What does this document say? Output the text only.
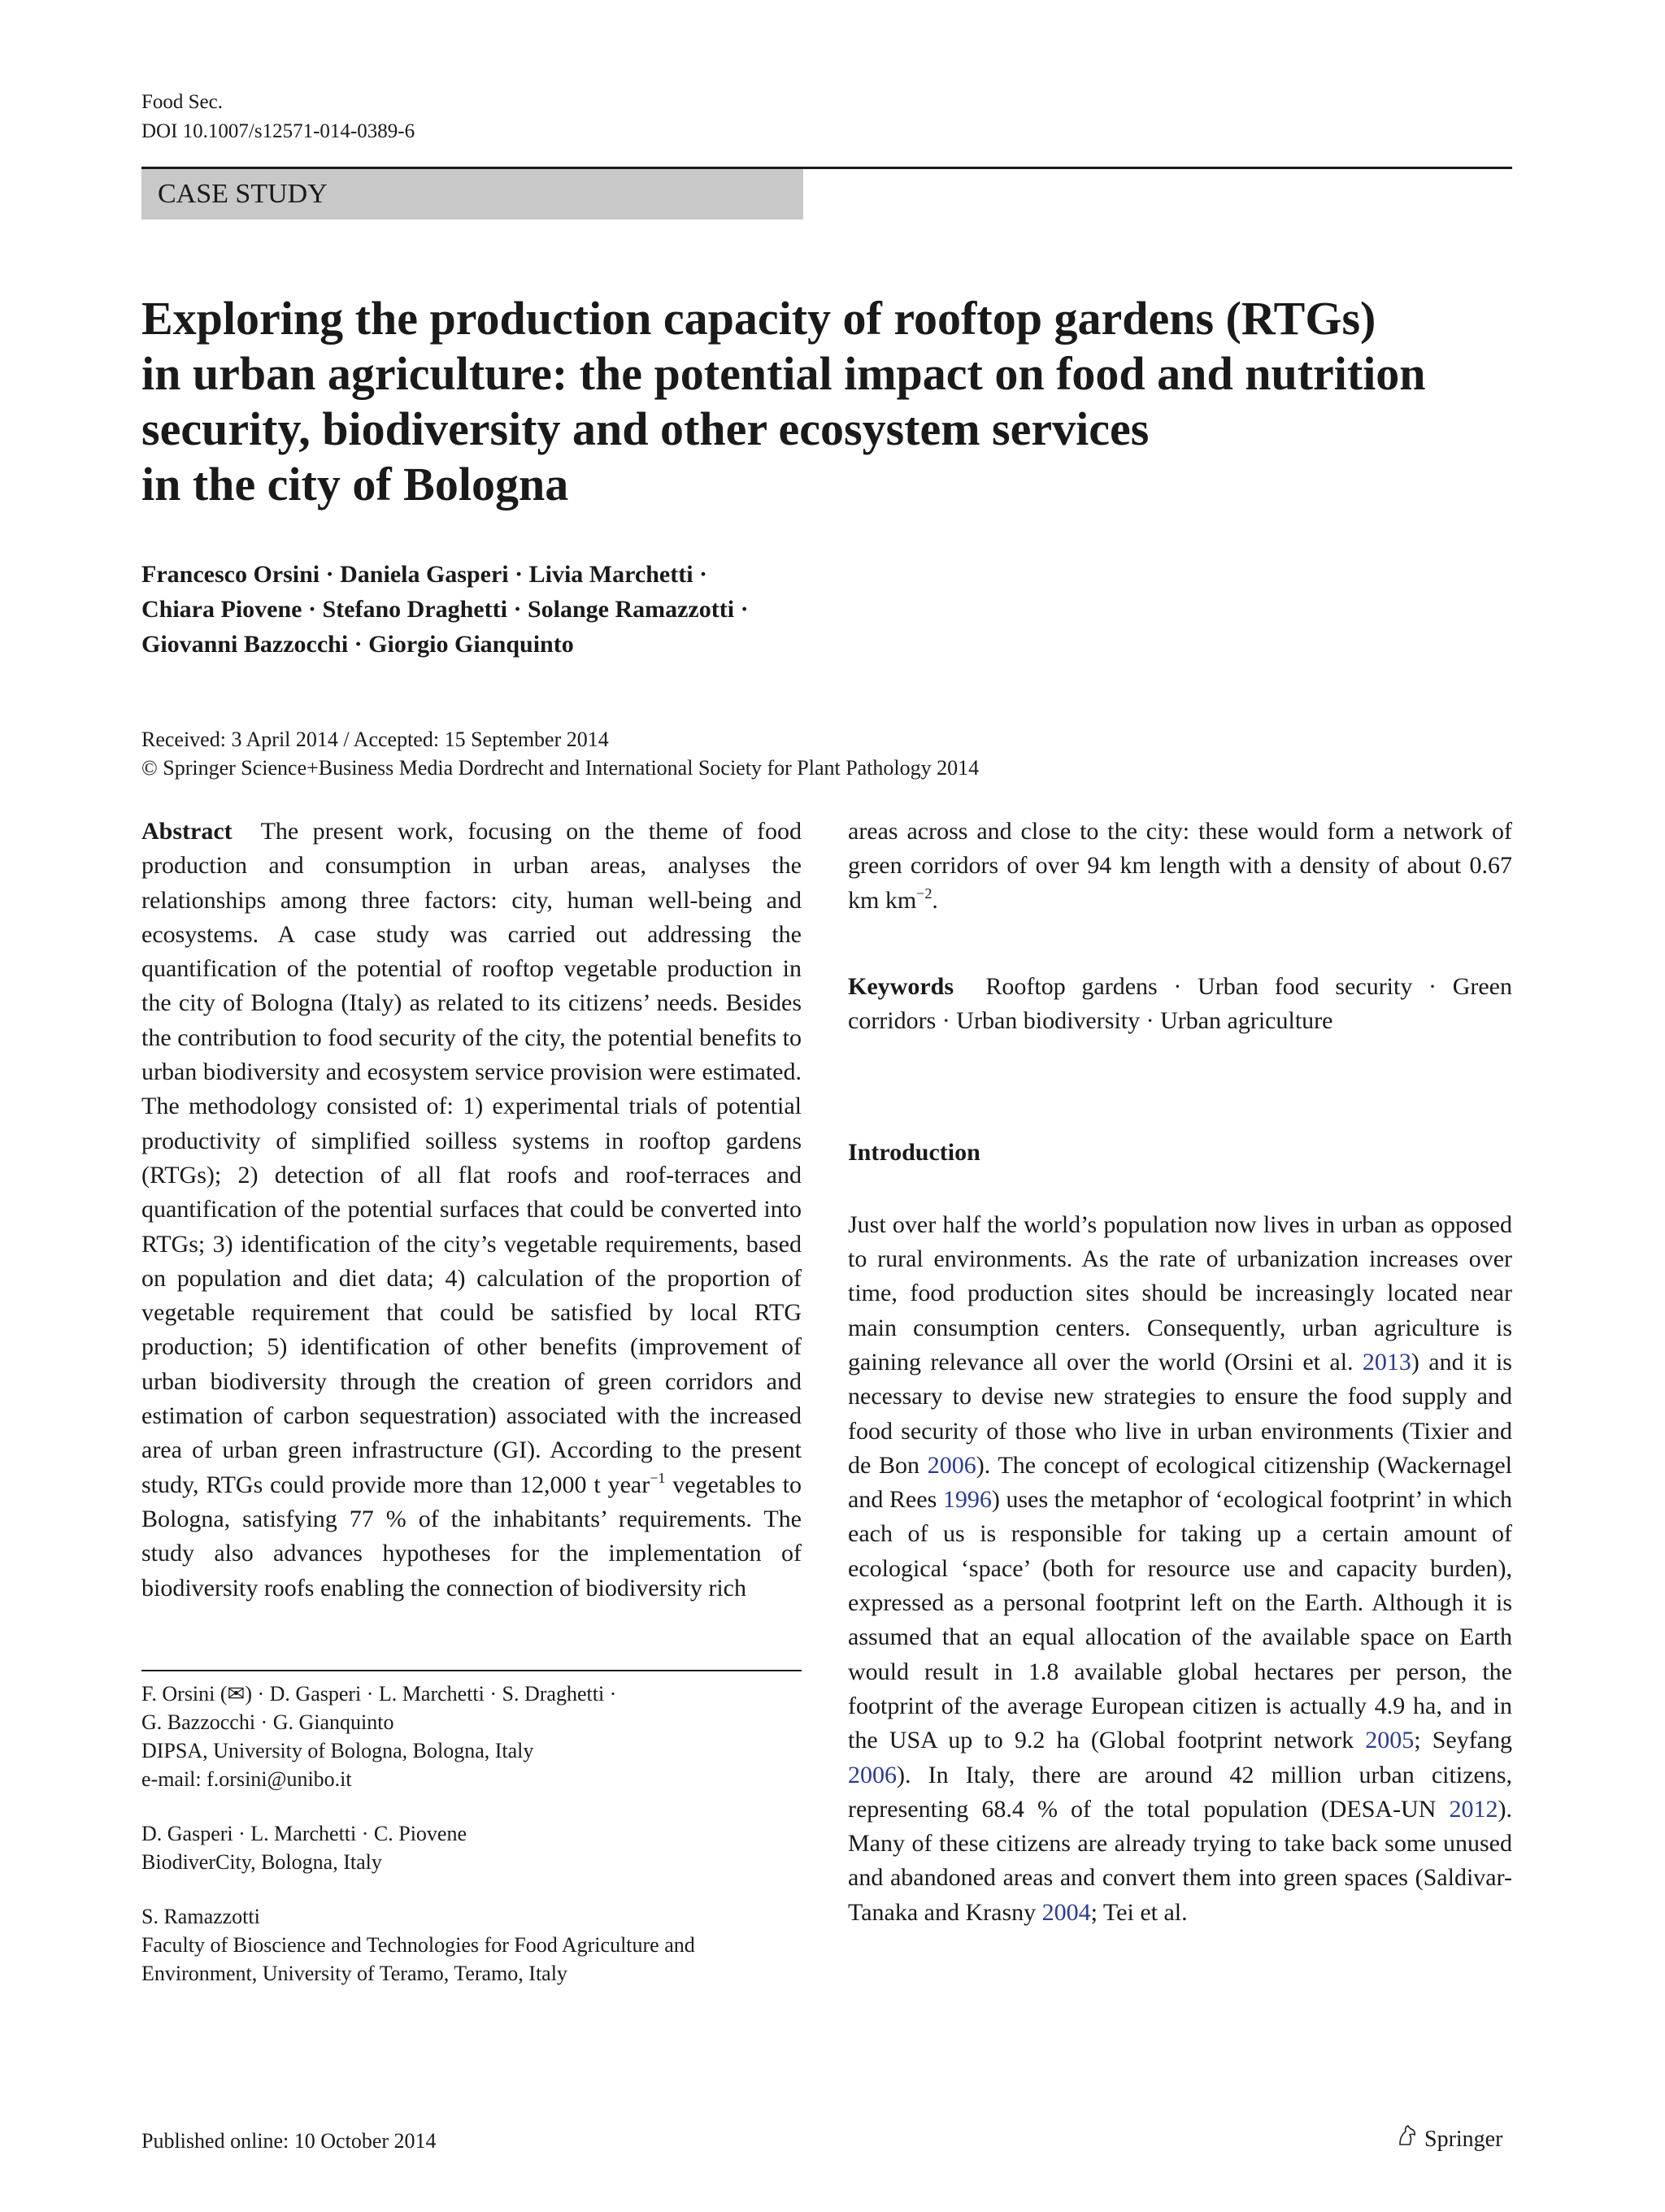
Food Sec.
DOI 10.1007/s12571-014-0389-6
CASE STUDY
Exploring the production capacity of rooftop gardens (RTGs)
in urban agriculture: the potential impact on food and nutrition
security, biodiversity and other ecosystem services
in the city of Bologna
Francesco Orsini · Daniela Gasperi · Livia Marchetti ·
Chiara Piovene · Stefano Draghetti · Solange Ramazzotti ·
Giovanni Bazzocchi · Giorgio Gianquinto
Received: 3 April 2014 / Accepted: 15 September 2014
© Springer Science+Business Media Dordrecht and International Society for Plant Pathology 2014

Abstract The present work, focusing on the theme of food production and consumption in urban areas, analyses the relationships among three factors: city, human well-being and ecosystems. A case study was carried out addressing the quantification of the potential of rooftop vegetable production in the city of Bologna (Italy) as related to its citizens’ needs. Besides the contribution to food security of the city, the potential benefits to urban biodiversity and ecosystem service provision were estimated. The methodology consisted of: 1) experimental trials of potential productivity of simplified soilless systems in rooftop gardens (RTGs); 2) detection of all flat roofs and roof-terraces and quantification of the potential surfaces that could be converted into RTGs; 3) identification of the city’s vegetable requirements, based on population and diet data; 4) calculation of the proportion of vegetable requirement that could be satisfied by local RTG production; 5) identification of other benefits (improvement of urban biodiversity through the creation of green corridors and estimation of carbon sequestration) associated with the increased area of urban green infrastructure (GI). According to the present study, RTGs could provide more than 12,000 t year$^{-1}$ vegetables to Bologna, satisfying 77 % of the inhabitants’ requirements. The study also advances hypotheses for the implementation of biodiversity roofs enabling the connection of biodiversity rich

areas across and close to the city: these would form a network of green corridors of over 94 km length with a density of about 0.67 km $km^{-2}$.

Keywords Rooftop gardens · Urban food security · Green corridors · Urban biodiversity · Urban agriculture

Introduction

Just over half the world’s population now lives in urban as opposed to rural environments. As the rate of urbanization increases over time, food production sites should be increasingly located near main consumption centers. Consequently, urban agriculture is gaining relevance all over the world (Orsini et al. 2013) and it is necessary to devise new strategies to ensure the food supply and food security of those who live in urban environments (Tixier and de Bon 2006). The concept of ecological citizenship (Wackernagel and Rees 1996) uses the metaphor of ‘ecological footprint’ in which each of us is responsible for taking up a certain amount of ecological ‘space’ (both for resource use and capacity burden), expressed as a personal footprint left on the Earth. Although it is assumed that an equal allocation of the available space on Earth would result in 1.8 available global hectares per person, the footprint of the average European citizen is actually 4.9 ha, and in the USA up to 9.2 ha (Global footprint network 2005; Seyfang 2006). In Italy, there are around 42 million urban citizens, representing 68.4 % of the total population (DESA-UN 2012). Many of these citizens are already trying to take back some unused and abandoned areas and convert them into green spaces (Saldivar-Tanaka and Krasny 2004; Tei et al.

F. Orsini (✉) · D. Gasperi · L. Marchetti · S. Draghetti ·
G. Bazzocchi · G. Gianquinto
DIPSA, University of Bologna, Bologna, Italy
e-mail: f.orsini@unibo.it

D. Gasperi · L. Marchetti · C. Piovene
BiodiverCity, Bologna, Italy

S. Ramazzotti
Faculty of Bioscience and Technologies for Food Agriculture and
Environment, University of Teramo, Teramo, Italy

Published online: 10 October 2014	Springer
